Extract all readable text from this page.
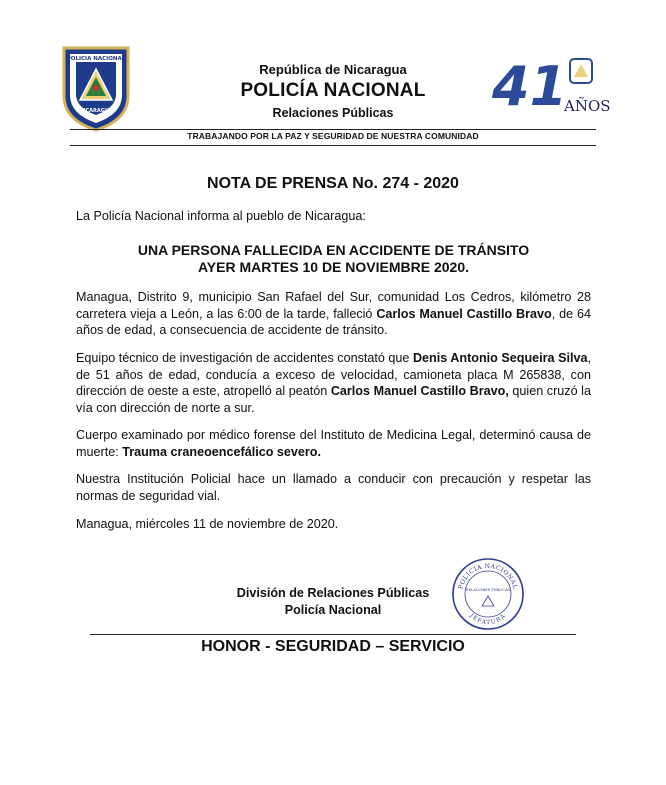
POLICIA NACIONAL
NICARAGUA
República de Nicaragua
POLICÍA NACIONAL
Relaciones Públicas	41
AÑOS
TRABAJANDO POR LA PAZ Y SEGURIDAD DE NUESTRA COMUNIDAD
NOTA DE PRENSA No. 274 - 2020
La Policía Nacional informa al pueblo de Nicaragua:
UNA PERSONA FALLECIDA EN ACCIDENTE DE TRÁNSITO
AYER MARTES 10 DE NOVIEMBRE 2020.
Managua, Distrito 9, municipio San Rafael del Sur, comunidad Los Cedros, kilómetro 28 carretera vieja a León, a las 6:00 de la tarde, falleció Carlos Manuel Castillo Bravo, de 64 años de edad, a consecuencia de accidente de tránsito.
Equipo técnico de investigación de accidentes constató que Denis Antonio Sequeira Silva, de 51 años de edad, conducía a exceso de velocidad, camioneta placa M 265838, con dirección de oeste a este, atropelló al peatón Carlos Manuel Castillo Bravo, quien cruzó la vía con dirección de norte a sur.
Cuerpo examinado por médico forense del Instituto de Medicina Legal, determinó causa de muerte: Trauma craneoencefálico severo.
Nuestra Institución Policial hace un llamado a conducir con precaución y respetar las normas de seguridad vial.
Managua, miércoles 11 de noviembre de 2020.
División de Relaciones Públicas
Policía Nacional
POLICIA NACIONAL
JEFATURA
RELACIONES PUBLICAS
HONOR - SEGURIDAD – SERVICIO
